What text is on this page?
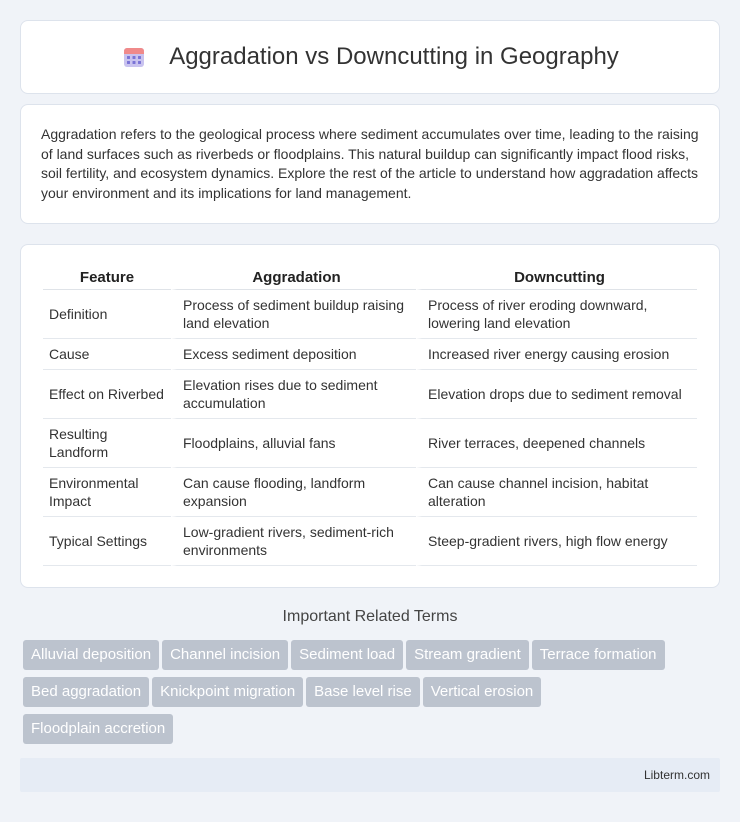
Aggradation vs Downcutting in Geography

Aggradation refers to the geological process where sediment accumulates over time, leading to the raising of land surfaces such as riverbeds or floodplains. This natural buildup can significantly impact flood risks, soil fertility, and ecosystem dynamics. Explore the rest of the article to understand how aggradation affects your environment and its implications for land management.

Feature	Aggradation	Downcutting
Definition	Process of sediment buildup raising land elevation	Process of river eroding downward, lowering land elevation
Cause	Excess sediment deposition	Increased river energy causing erosion
Effect on Riverbed	Elevation rises due to sediment accumulation	Elevation drops due to sediment removal
Resulting Landform	Floodplains, alluvial fans	River terraces, deepened channels
Environmental Impact	Can cause flooding, landform expansion	Can cause channel incision, habitat alteration
Typical Settings	Low-gradient rivers, sediment-rich environments	Steep-gradient rivers, high flow energy
Important Related Terms
Alluvial deposition Channel incision Sediment load Stream gradient Terrace formation
Bed aggradation Knickpoint migration Base level rise Vertical erosion
Floodplain accretion
Libterm.com
